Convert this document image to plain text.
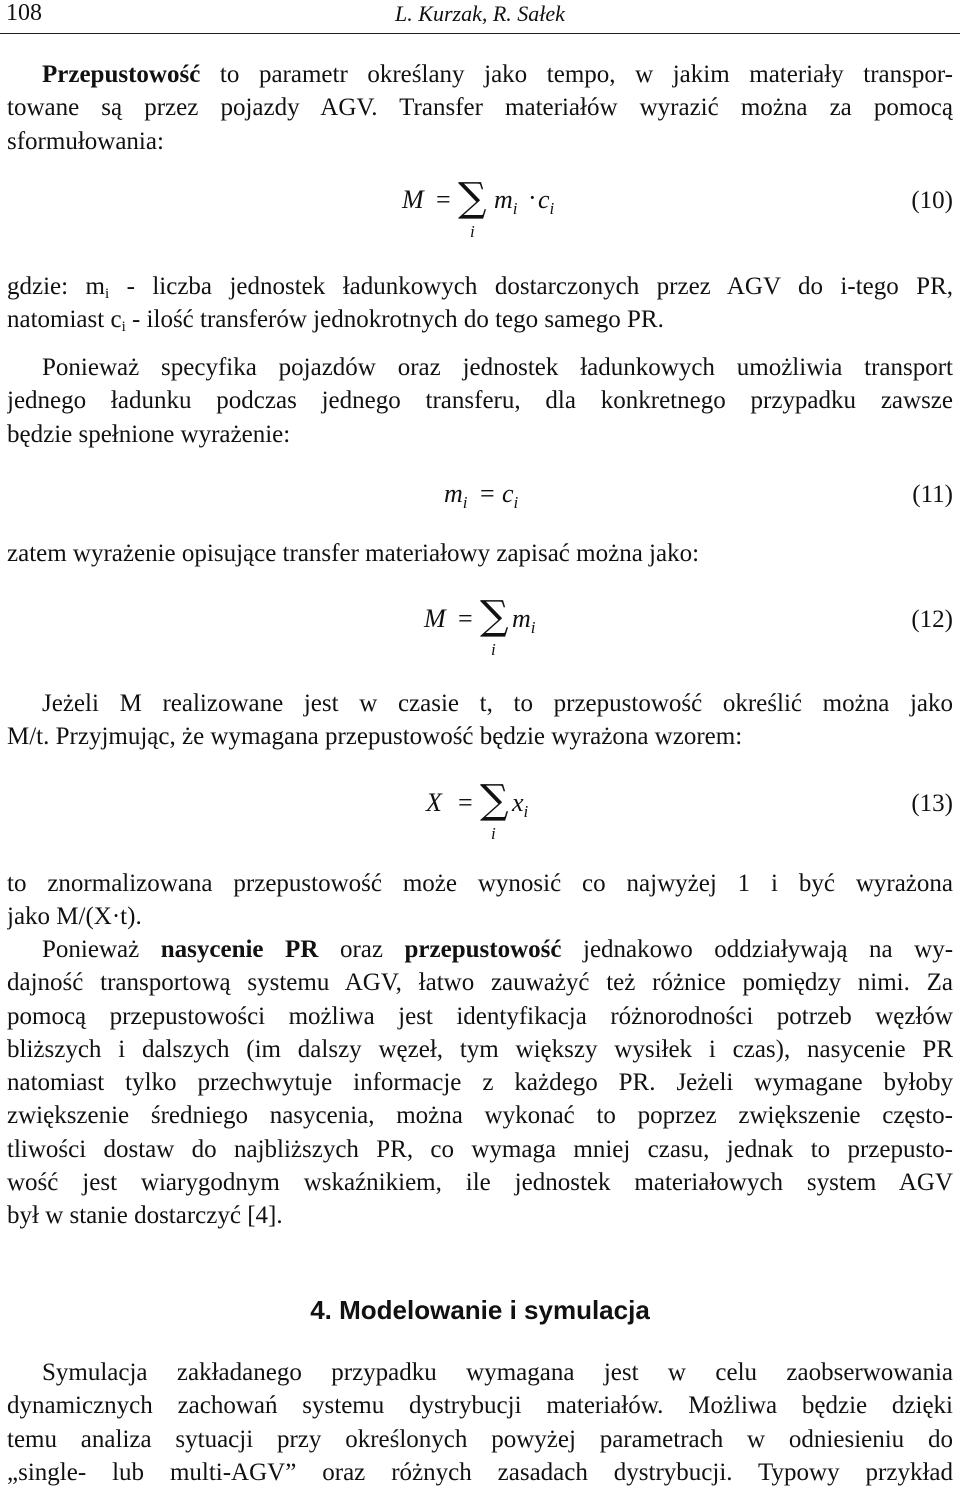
108	L. Kurzak, R. Sałek
Przepustowość to parametr określany jako tempo, w jakim materiały transpor-
towane są przez pojazdy AGV. Transfer materiałów wyrazić można za pomocą
sformułowania:
M = ∑
i
$m_i \cdot c_i$	(10)
gdzie: $m_i$ - liczba jednostek ładunkowych dostarczonych przez AGV do i-tego PR,
natomiast $c_i$ - ilość transferów jednokrotnych do tego samego PR.
Ponieważ specyfika pojazdów oraz jednostek ładunkowych umożliwia transport
jednego ładunku podczas jednego transferu, dla konkretnego przypadku zawsze
będzie spełnione wyrażenie:
$m_i = c_i$	(11)
zatem wyrażenie opisujące transfer materiałowy zapisać można jako:
M = ∑
i
$m_i$	(12)
Jeżeli M realizowane jest w czasie t, to przepustowość określić można jako
M/t. Przyjmując, że wymagana przepustowość będzie wyrażona wzorem:
X = ∑
i
$x_i$	(13)
to znormalizowana przepustowość może wynosić co najwyżej 1 i być wyrażona
jako M/(X·t).
Ponieważ nasycenie PR oraz przepustowość jednakowo oddziaływają na wy-
dajność transportową systemu AGV, łatwo zauważyć też różnice pomiędzy nimi. Za
pomocą przepustowości możliwa jest identyfikacja różnorodności potrzeb węzłów
bliższych i dalszych (im dalszy węzeł, tym większy wysiłek i czas), nasycenie PR
natomiast tylko przechwytuje informacje z każdego PR. Jeżeli wymagane byłoby
zwiększenie średniego nasycenia, można wykonać to poprzez zwiększenie często-
tliwości dostaw do najbliższych PR, co wymaga mniej czasu, jednak to przepusto-
wość jest wiarygodnym wskaźnikiem, ile jednostek materiałowych system AGV
był w stanie dostarczyć [4].
4. Modelowanie i symulacja
Symulacja zakładanego przypadku wymagana jest w celu zaobserwowania
dynamicznych zachowań systemu dystrybucji materiałów. Możliwa będzie dzięki
temu analiza sytuacji przy określonych powyżej parametrach w odniesieniu do
„single- lub multi-AGV” oraz różnych zasadach dystrybucji. Typowy przykład
